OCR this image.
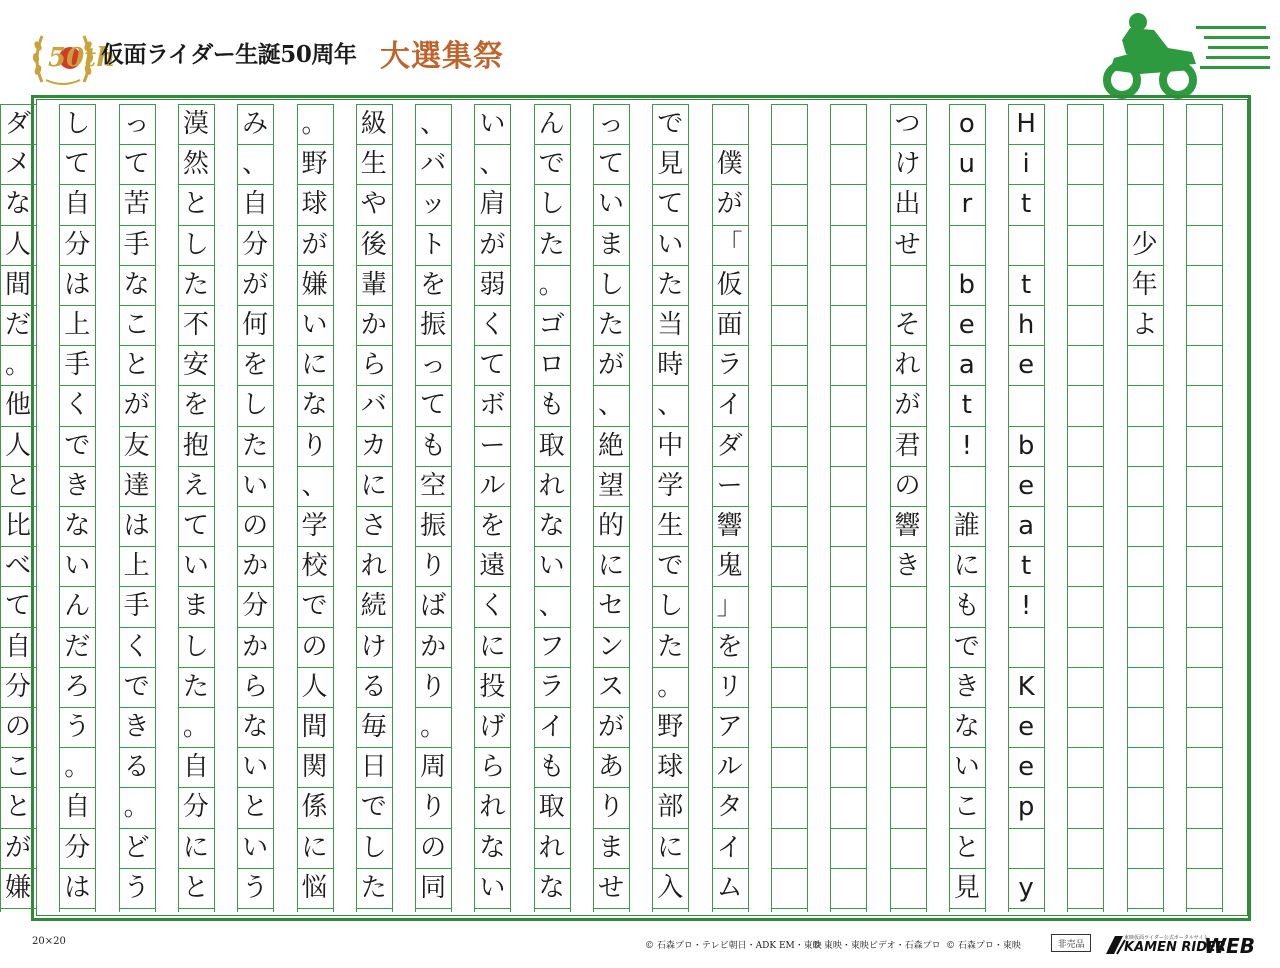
50th
仮面ライダー生誕50周年 大選集祭
少
年
よ
H
i
t
t
h
e
b
e
a
t
!
K
e
e
p
y
o
u
r
b
e
a
t
!
誰
に
も
で
き
な
い
こ
と
見
つ
け
出
せ
そ
れ
が
君
の
響
き
僕
が
「
仮
面
ラ
イ
ダ
ー
響
鬼
」
を
リ
ア
ル
タ
イ
ム
で
見
て
い
た
当
時
、
中
学
生
で
し
た
。
野
球
部
に
入
っ
て
い
ま
し
た
が
、
絶
望
的
に
セ
ン
ス
が
あ
り
ま
せ
ん
で
し
た
。
ゴ
ロ
も
取
れ
な
い
、
フ
ラ
イ
も
取
れ
な
い
、
肩
が
弱
く
て
ボ
ー
ル
を
遠
く
に
投
げ
ら
れ
な
い
、
バ
ッ
ト
を
振
っ
て
も
空
振
り
ば
か
り
。
周
り
の
同
級
生
や
後
輩
か
ら
バ
カ
に
さ
れ
続
け
る
毎
日
で
し
た
。
野
球
が
嫌
い
に
な
り
、
学
校
で
の
人
間
関
係
に
悩
み
、
自
分
が
何
を
し
た
い
の
か
分
か
ら
な
い
と
い
う
漠
然
と
し
た
不
安
を
抱
え
て
い
ま
し
た
。
自
分
に
と
っ
て
苦
手
な
こ
と
が
友
達
は
上
手
く
で
き
る
。
ど
う
し
て
自
分
は
上
手
く
で
き
な
い
ん
だ
ろ
う
。
自
分
は
ダ
メ
な
人
間
だ
。
他
人
と
比
べ
て
自
分
の
こ
と
が
嫌
20×20	© 石森プロ・テレビ朝日・ADK EM・東映
© 東映・東映ビデオ・石森プロ © 石森プロ・東映	非売品
東映仮面ライダー公式ポータルサイト
KAMEN RIDER
WEB
